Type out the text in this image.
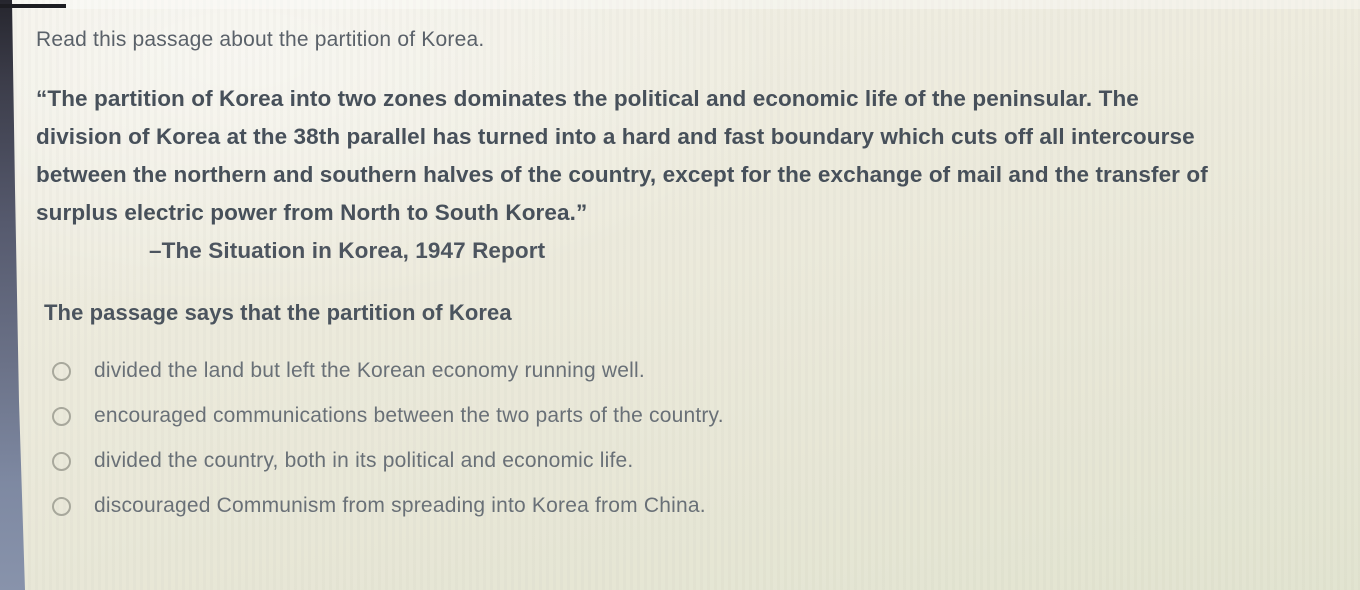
Read this passage about the partition of Korea.
“The partition of Korea into two zones dominates the political and economic life of the peninsular. The
division of Korea at the 38th parallel has turned into a hard and fast boundary which cuts off all intercourse
between the northern and southern halves of the country, except for the exchange of mail and the transfer of
surplus electric power from North to South Korea.”
–The Situation in Korea, 1947 Report
The passage says that the partition of Korea
divided the land but left the Korean economy running well.
encouraged communications between the two parts of the country.
divided the country, both in its political and economic life.
discouraged Communism from spreading into Korea from China.
